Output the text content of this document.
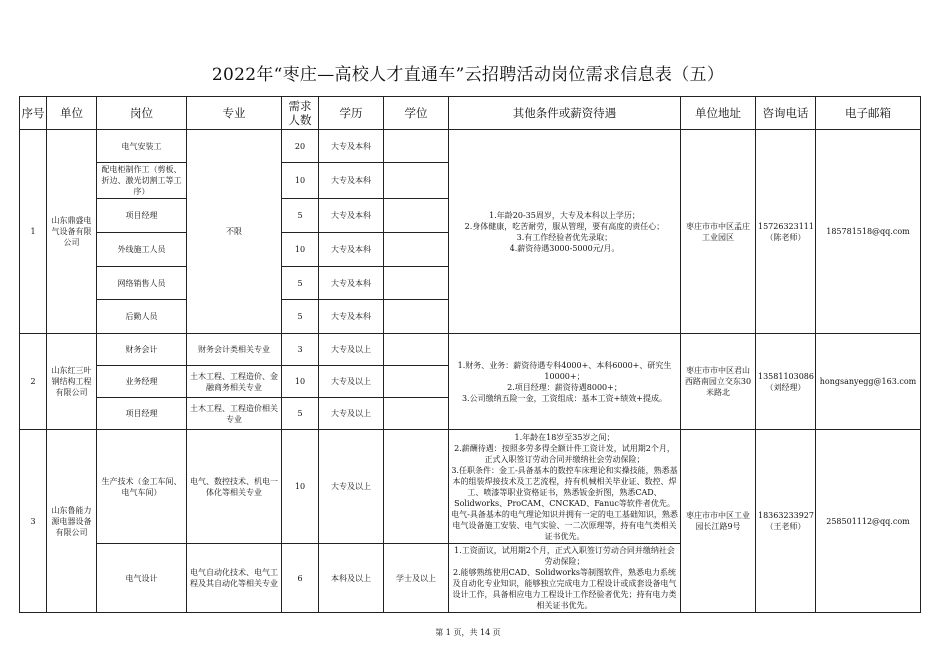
2022年“枣庄—高校人才直通车”云招聘活动岗位需求信息表（五）
序号	单位	岗位	专业	需求人数	学历	学位	其他条件或薪资待遇	单位地址	咨询电话	电子邮箱
1	山东鼎盛电气设备有限公司	电气安装工	不限	20	大专及本科		1.年龄20-35周岁，大专及本科以上学历；
2.身体健康，吃苦耐劳，服从管理，要有高度的责任心；
3.有工作经验者优先录取；
4.薪资待遇3000-5000元/月。	枣庄市市中区孟庄工业园区	15726323111
（陈老师）	185781518@qq.com
		配电柜制作工（剪板、折边、激光切割工等工序）		10	大专及本科					
		项目经理		5	大专及本科					
		外线施工人员		10	大专及本科					
		网络销售人员		5	大专及本科					
		后勤人员		5	大专及本科					
2	山东红三叶钢结构工程有限公司	财务会计	财务会计类相关专业	3	大专及以上		1.财务、业务：薪资待遇专科4000+、本科6000+、研究生10000+；
2.项目经理：薪资待遇8000+；
3.公司缴纳五险一金，工资组成：基本工资+绩效+提成。	枣庄市市中区君山西路南园立交东30米路北	13581103086
（刘经理）	hongsanyegg@163.com
		业务经理	土木工程、工程造价、金融商务相关专业	10	大专及以上					
		项目经理	土木工程、工程造价相关专业	5	大专及以上					
3	山东鲁能力源电器设备有限公司	生产技术（金工车间、电气车间）	电气、数控技术、机电一体化等相关专业	10	大专及以上		1.年龄在18岁至35岁之间；
2.薪酬待遇：按照多劳多得全额计件工资计发，试用期2个月，正式入职签订劳动合同并缴纳社会劳动保险；
3.任职条件：金工-具备基本的数控车床理论和实操技能，熟悉基本的组装焊接技术及工艺流程，持有机械相关毕业证、数控、焊工、喷漆等职业资格证书，熟悉钣金折图，熟悉CAD、Solidworks、ProCAM、CNCKAD、Fanuc等软件者优先。电气-具备基本的电气理论知识并拥有一定的电工基础知识，熟悉电气设备施工安装、电气实验、一二次原理等，持有电气类相关证书优先。	枣庄市市中区工业园长江路9号	18363233927
（王老师）	258501112@qq.com
		电气设计	电气自动化技术、电气工程及其自动化等相关专业	6	本科及以上	学士及以上	1.工资面议，试用期2个月，正式入职签订劳动合同并缴纳社会劳动保险；
2.能够熟练使用CAD、Solidworks等制图软件，熟悉电力系统及自动化专业知识，能够独立完成电力工程设计或成套设备电气设计工作，具备相应电力工程设计工作经验者优先；持有电力类相关证书优先。			
第 1 页，共 14 页
